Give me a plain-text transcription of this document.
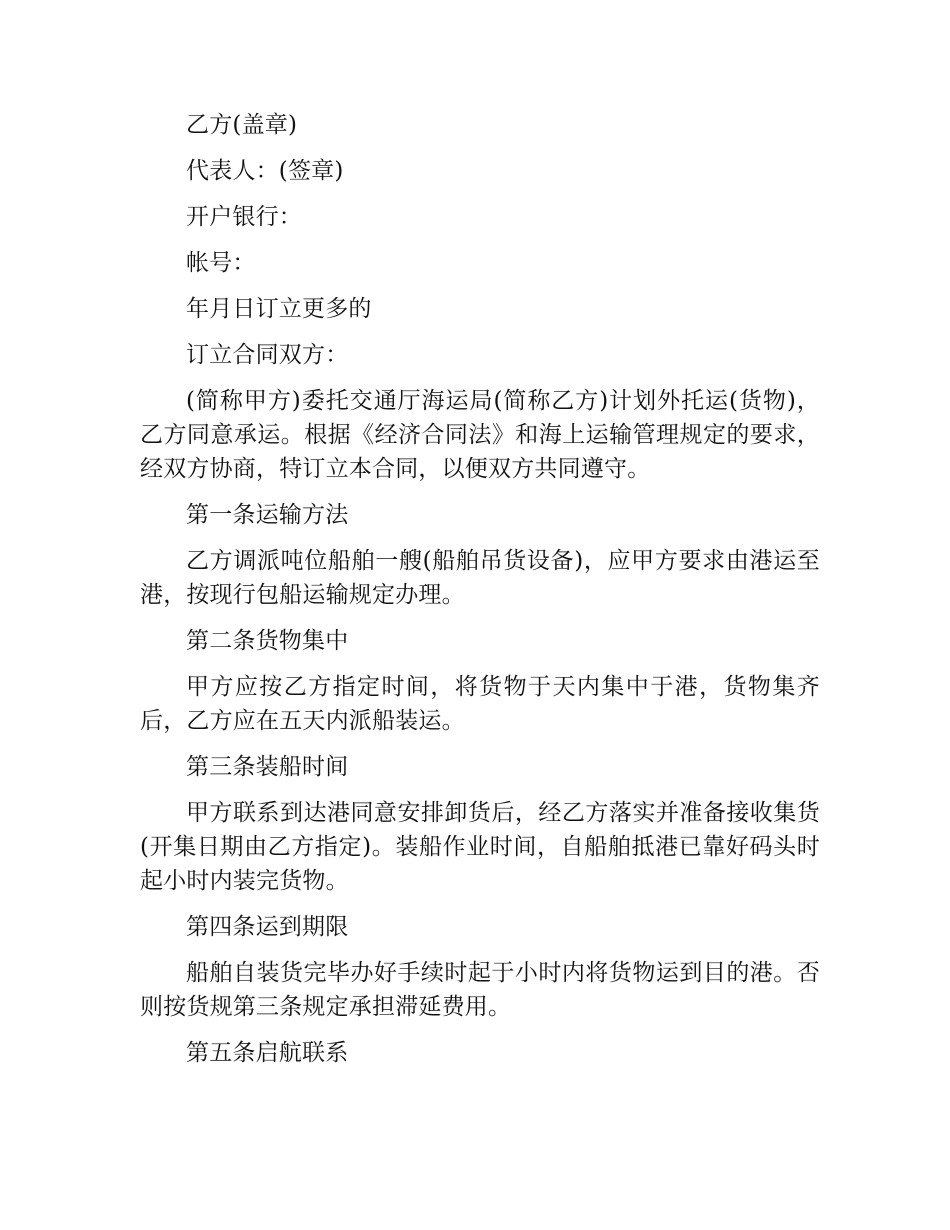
乙方(盖章)

代表人：(签章)

开户银行：

帐号：

年月日订立更多的

订立合同双方：

(简称甲方)委托交通厅海运局(简称乙方)计划外托运(货物)，乙方同意承运。根据《经济合同法》和海上运输管理规定的要求，经双方协商，特订立本合同，以便双方共同遵守。

第一条运输方法

乙方调派吨位船舶一艘(船舶吊货设备)，应甲方要求由港运至港，按现行包船运输规定办理。

第二条货物集中

甲方应按乙方指定时间，将货物于天内集中于港，货物集齐后，乙方应在五天内派船装运。

第三条装船时间

甲方联系到达港同意安排卸货后，经乙方落实并准备接收集货(开集日期由乙方指定)。装船作业时间，自船舶抵港已靠好码头时起小时内装完货物。

第四条运到期限

船舶自装货完毕办好手续时起于小时内将货物运到目的港。否则按货规第三条规定承担滞延费用。

第五条启航联系
